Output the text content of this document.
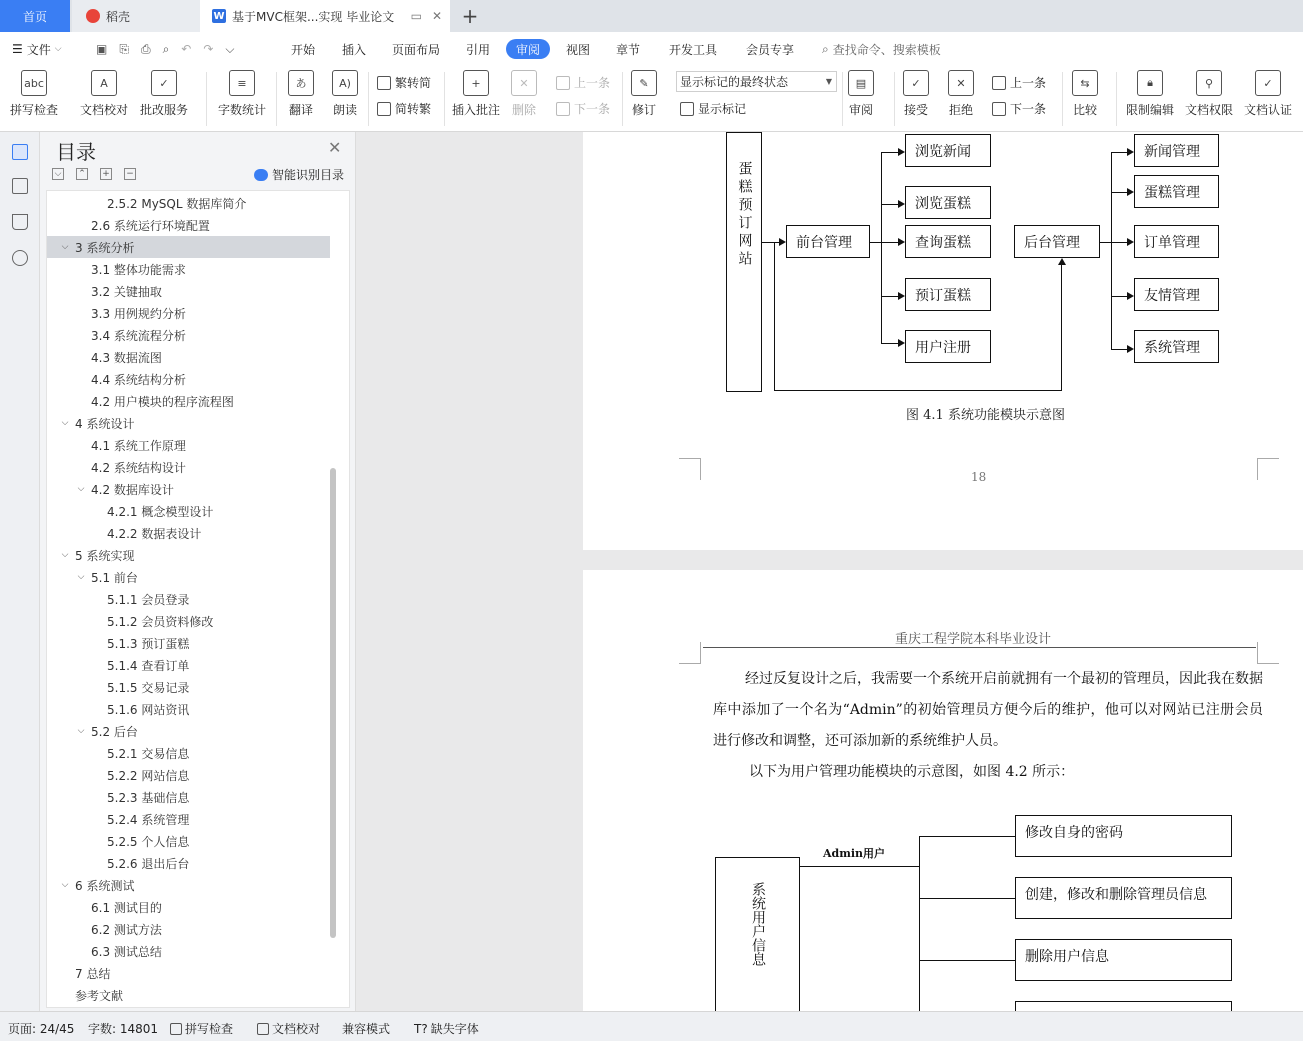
首页	稻壳	W 基于MVC框架...实现 毕业论文 ▭ ✕ +
☰ 文件 ⌵	▣ ⎘ ⎙ ⌕ ↶ ↷ ⌵	开始 插入 页面布局 引用 审阅 视图 章节 开发工具 会员专享 ⌕ 查找命令、搜索模板
abc
拼写检查
A
文档校对
✓
批改服务
≡
字数统计
あ
翻译
A)
朗读
繁转简
简转繁
+
插入批注
✕
删除
上一条
下一条
✎
修订
显示标记的最终状态	▼
显示标记
▤
审阅
✓
接受
✕
拒绝
上一条
下一条
⇆
比较
🔒︎
限制编辑
⚲
文档权限
✓
文档认证
目录	✕
⌵ ⌃ + −	智能识别目录
2.5.2 MySQL 数据库简介
2.6 系统运行环境配置
⌵ 3 系统分析
3.1 整体功能需求
3.2 关键抽取
3.3 用例规约分析
3.4 系统流程分析
4.3 数据流图
4.4 系统结构分析
4.2 用户模块的程序流程图
⌵ 4 系统设计
4.1 系统工作原理
4.2 系统结构设计
⌵ 4.2 数据库设计
4.2.1 概念模型设计
4.2.2 数据表设计
⌵ 5 系统实现
⌵ 5.1 前台
5.1.1 会员登录
5.1.2 会员资料修改
5.1.3 预订蛋糕
5.1.4 查看订单
5.1.5 交易记录
5.1.6 网站资讯
⌵ 5.2 后台
5.2.1 交易信息
5.2.2 网站信息
5.2.3 基础信息
5.2.4 系统管理
5.2.5 个人信息
5.2.6 退出后台
⌵ 6 系统测试
6.1 测试目的
6.2 测试方法
6.3 测试总结
7 总结
参考文献
蛋糕预订网站	前台管理
浏览新闻
浏览蛋糕
查询蛋糕
预订蛋糕
用户注册
后台管理
新闻管理
蛋糕管理
订单管理
友情管理
系统管理
图 4.1 系统功能模块示意图
18
重庆工程学院本科毕业设计
经过反复设计之后，我需要一个系统开启前就拥有一个最初的管理员，因此我在数据库中添加了一个名为“Admin”的初始管理员方便今后的维护，他可以对网站已注册会员进行修改和调整，还可添加新的系统维护人员。
以下为用户管理功能模块的示意图，如图 4.2 所示：
系统用户信息
Admin用户
修改自身的密码
创建，修改和删除管理员信息
删除用户信息
页面: 24/45 字数: 14801 拼写检查	文档校对 兼容模式 T? 缺失字体
